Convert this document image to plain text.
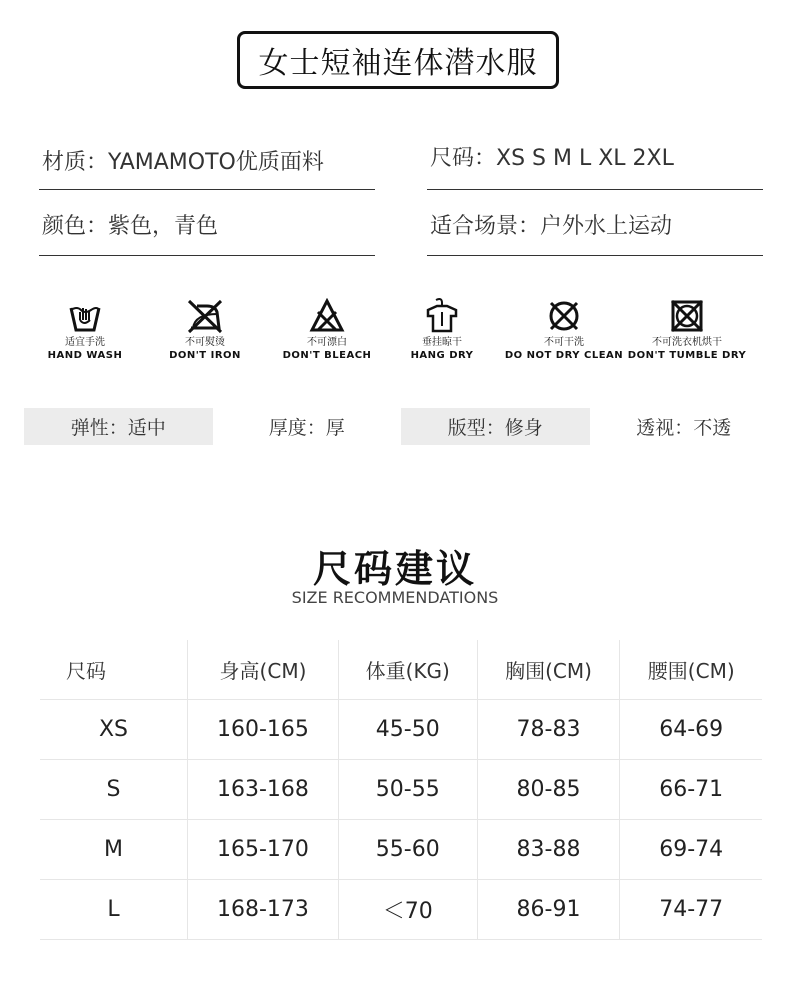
女士短袖连体潜水服
材质：YAMAMOTO优质面料	尺码：XS S M L XL 2XL
颜色：紫色，青色	适合场景：户外水上运动
适宜手洗
HAND WASH
不可熨烫
DON'T IRON
不可漂白
DON'T BLEACH
垂挂晾干
HANG DRY
不可干洗
DO NOT DRY CLEAN
不可洗衣机烘干
DON'T TUMBLE DRY
弹性：适中	厚度：厚	版型：修身	透视：不透
尺码建议
SIZE RECOMMENDATIONS
尺码	身高(CM)	体重(KG)	胸围(CM)	腰围(CM)
XS	160-165	45-50	78-83	64-69
S	163-168	50-55	80-85	66-71
M	165-170	55-60	83-88	69-74
L	168-173	＜70	86-91	74-77
